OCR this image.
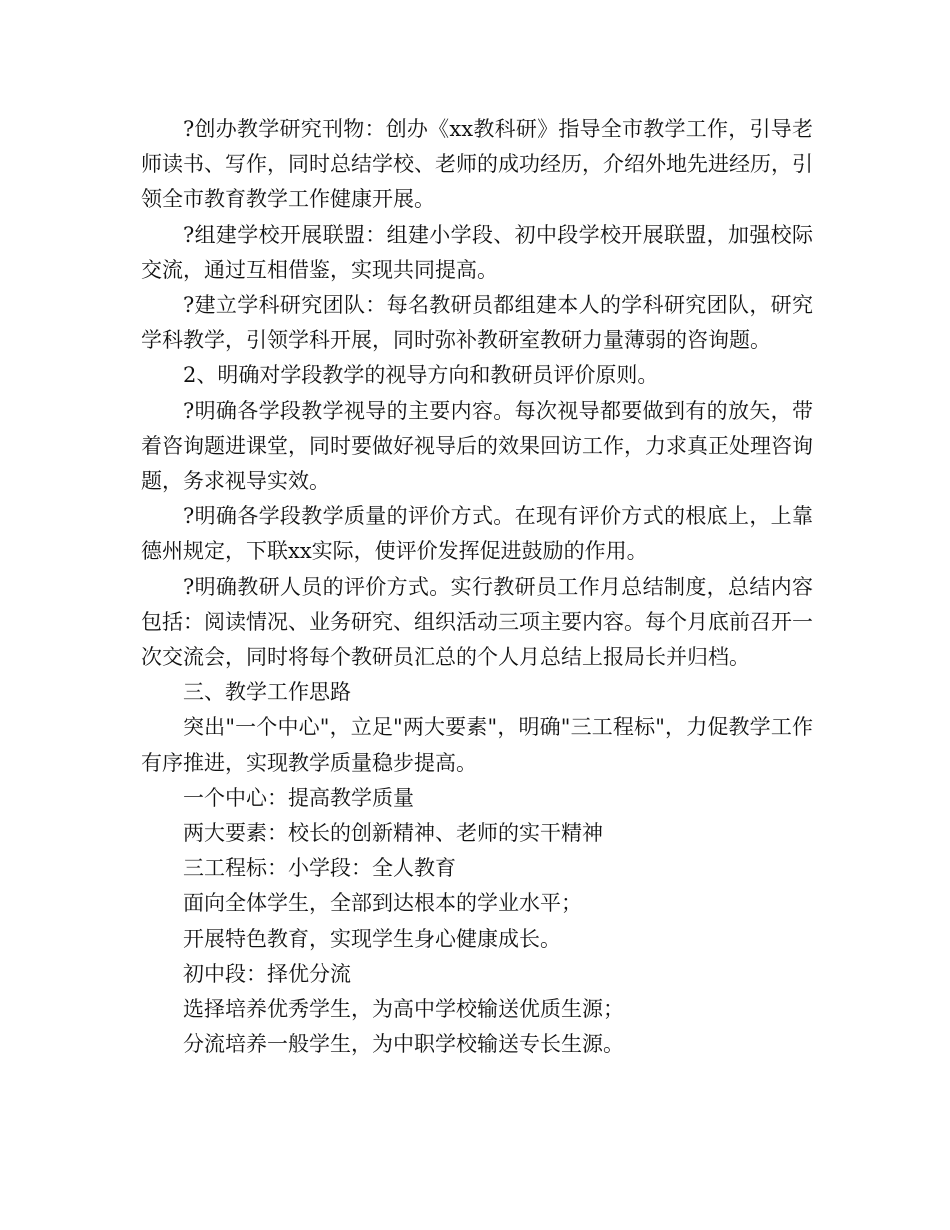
?创办教学研究刊物：创办《xx教科研》指导全市教学工作，引导老师读书、写作，同时总结学校、老师的成功经历，介绍外地先进经历，引领全市教育教学工作健康开展。

?组建学校开展联盟：组建小学段、初中段学校开展联盟，加强校际交流，通过互相借鉴，实现共同提高。

?建立学科研究团队：每名教研员都组建本人的学科研究团队，研究学科教学，引领学科开展，同时弥补教研室教研力量薄弱的咨询题。

2、明确对学段教学的视导方向和教研员评价原则。

?明确各学段教学视导的主要内容。每次视导都要做到有的放矢，带着咨询题进课堂，同时要做好视导后的效果回访工作，力求真正处理咨询题，务求视导实效。

?明确各学段教学质量的评价方式。在现有评价方式的根底上，上靠德州规定，下联xx实际，使评价发挥促进鼓励的作用。

?明确教研人员的评价方式。实行教研员工作月总结制度，总结内容包括：阅读情况、业务研究、组织活动三项主要内容。每个月底前召开一次交流会，同时将每个教研员汇总的个人月总结上报局长并归档。

三、教学工作思路

突出"一个中心"，立足"两大要素"，明确"三工程标"，力促教学工作有序推进，实现教学质量稳步提高。

一个中心：提高教学质量

两大要素：校长的创新精神、老师的实干精神

三工程标：小学段：全人教育

面向全体学生，全部到达根本的学业水平；

开展特色教育，实现学生身心健康成长。

初中段：择优分流

选择培养优秀学生，为高中学校输送优质生源；

分流培养一般学生，为中职学校输送专长生源。
